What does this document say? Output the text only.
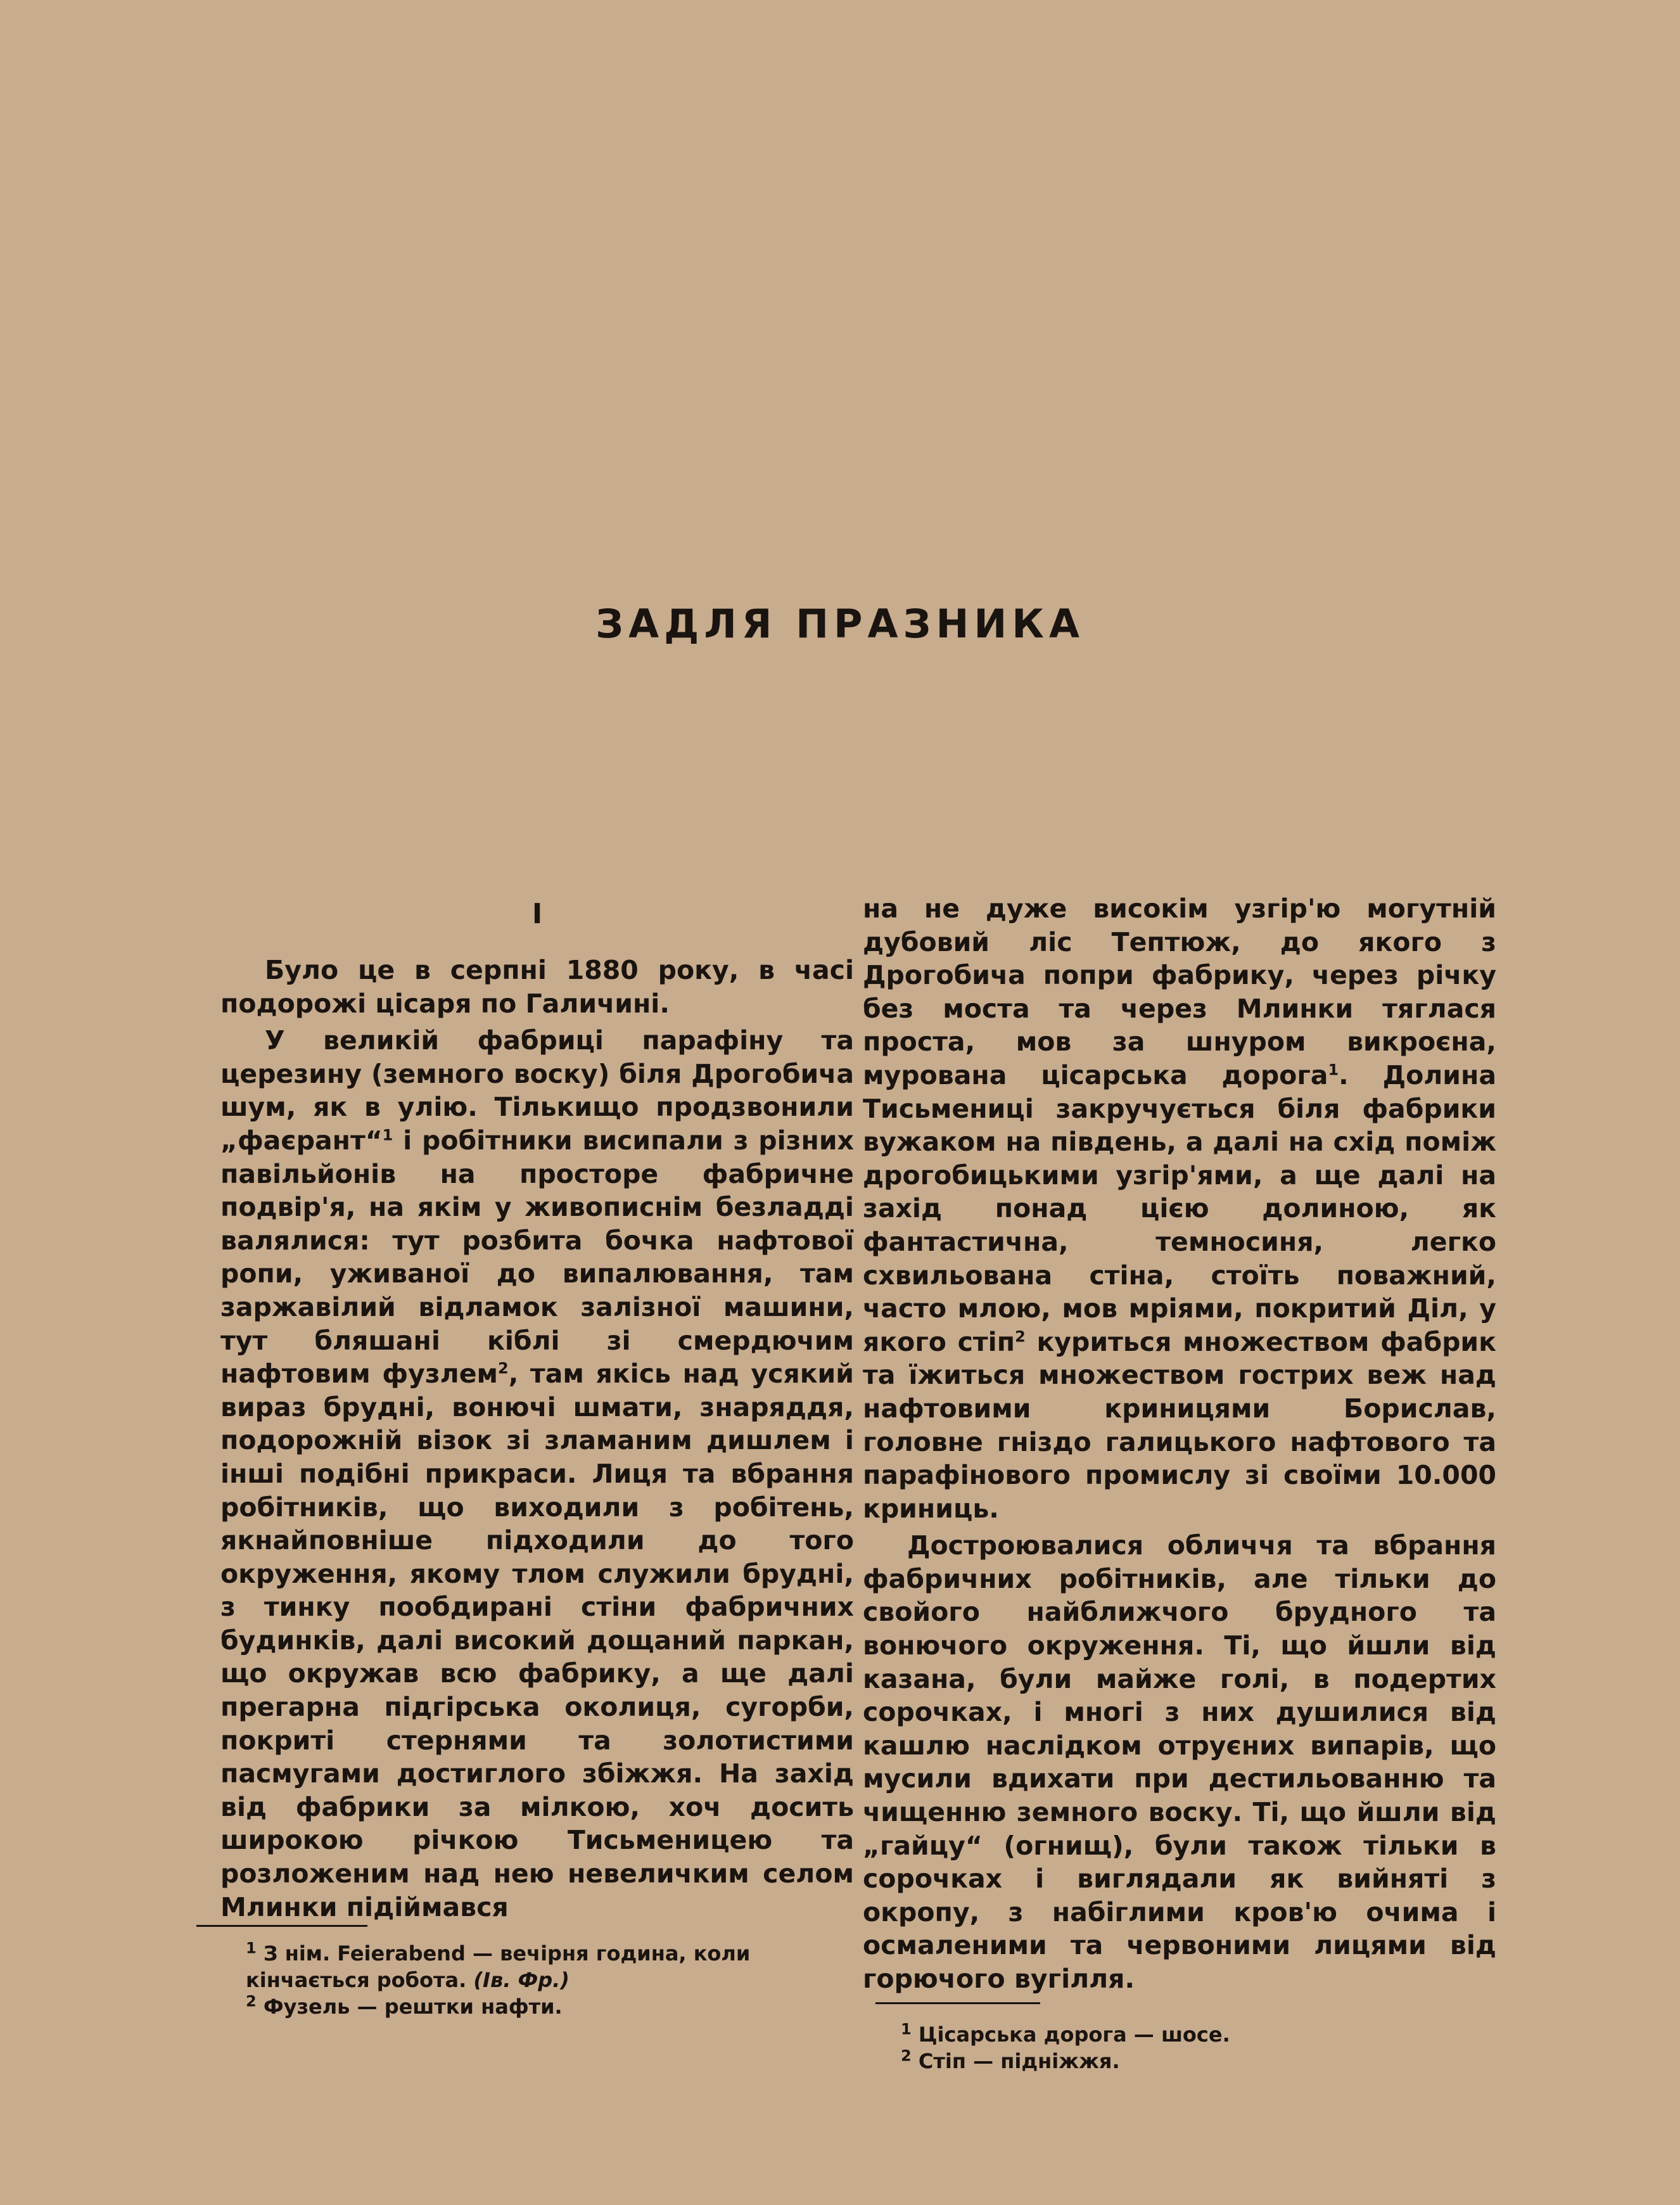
ЗАДЛЯ ПРАЗНИКА
I

Було це в серпні 1880 року, в часі подорожі цісаря по Галичині.

У великій фабриці парафіну та церезину (земного воску) біля Дрогобича шум, як в улію. Тількищо продзвонили „фаєрант“$^1$ і робітники висипали з різних павільйонів на просторе фабричне подвір'я, на якім у живописнім безладді валялися: тут розбита бочка нафтової ропи, уживаної до випалювання, там заржавілий відламок залізної машини, тут бляшані кіблі зі смердючим нафтовим фузлем$^2$, там якісь над усякий вираз брудні, вонючі шмати, знаряддя, подорожній візок зі зламаним дишлем і інші подібні прикраси. Лиця та вбрання робітників, що виходили з робітень, якнайповніше підходили до того окруження, якому тлом служили брудні, з тинку пообдирані стіни фабричних будинків, далі високий дощаний паркан, що окружав всю фабрику, а ще далі прегарна підгірська околиця, сугорби, покриті стернями та золотистими пасмугами достиглого збіжжя. На захід від фабрики за мілкою, хоч досить широкою річкою Тисьменицею та розложеним над нею невеличким селом Млинки підіймався

на не дуже високім узгір'ю могутній дубовий ліс Тептюж, до якого з Дрогобича попри фабрику, через річку без моста та через Млинки тяглася проста, мов за шнуром викроєна, мурована цісарська дорога$^1$. Долина Тисьмениці закручується біля фабрики вужаком на південь, а далі на схід поміж дрогобицькими узгір'ями, а ще далі на захід понад цією долиною, як фантастична, темносиня, легко схвильована стіна, стоїть поважний, часто млою, мов мріями, покритий Діл, у якого стіп$^2$ куриться множеством фабрик та їжиться множеством гострих веж над нафтовими криницями Борислав, головне гніздо галицького нафтового та парафінового промислу зі своїми 10.000 криниць.

Достроювалися обличчя та вбрання фабричних робітників, але тільки до свойого найближчого брудного та вонючого окруження. Ті, що йшли від казана, були майже голі, в подертих сорочках, і многі з них душилися від кашлю наслідком отруєних випарів, що мусили вдихати при дестильованню та чищенню земного воску. Ті, що йшли від „гайцу“ (огнищ), були також тільки в сорочках і виглядали як вийняті з окропу, з набіглими кров'ю очима і осмаленими та червоними лицями від горючого вугілля.

$^1$ З нім. Feierabend — вечірня година, коли кінчається робота. (Ів. Фр.)

$^2$ Фузель — рештки нафти.

$^1$ Цісарська дорога — шосе.

$^2$ Стіп — підніжжя.
